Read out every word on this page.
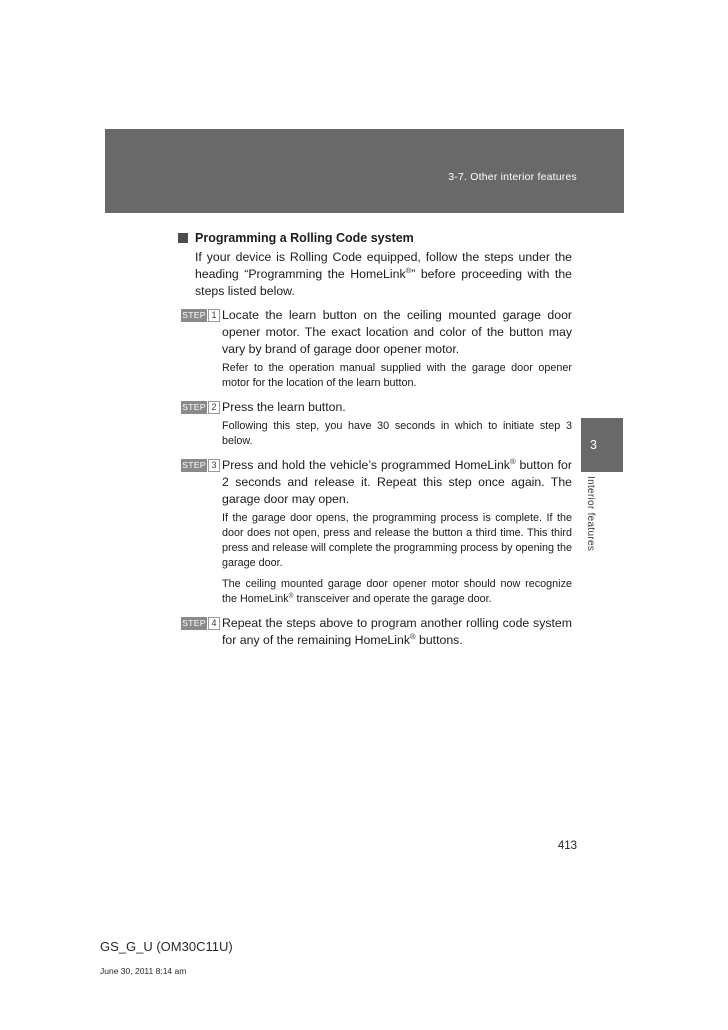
3-7. Other interior features
Programming a Rolling Code system
If your device is Rolling Code equipped, follow the steps under the heading “Programming the HomeLink®” before proceeding with the steps listed below.
STEP 1 Locate the learn button on the ceiling mounted garage door opener motor. The exact location and color of the button may vary by brand of garage door opener motor.
Refer to the operation manual supplied with the garage door opener motor for the location of the learn button.
STEP 2 Press the learn button.
Following this step, you have 30 seconds in which to initiate step 3 below.
STEP 3 Press and hold the vehicle’s programmed HomeLink® button for 2 seconds and release it. Repeat this step once again. The garage door may open.
If the garage door opens, the programming process is complete. If the door does not open, press and release the button a third time. This third press and release will complete the programming process by opening the garage door.
The ceiling mounted garage door opener motor should now recognize the HomeLink® transceiver and operate the garage door.
STEP 4 Repeat the steps above to program another rolling code system for any of the remaining HomeLink® buttons.
3
Interior features
413
GS_G_U (OM30C11U)
June 30, 2011 8:14 am
